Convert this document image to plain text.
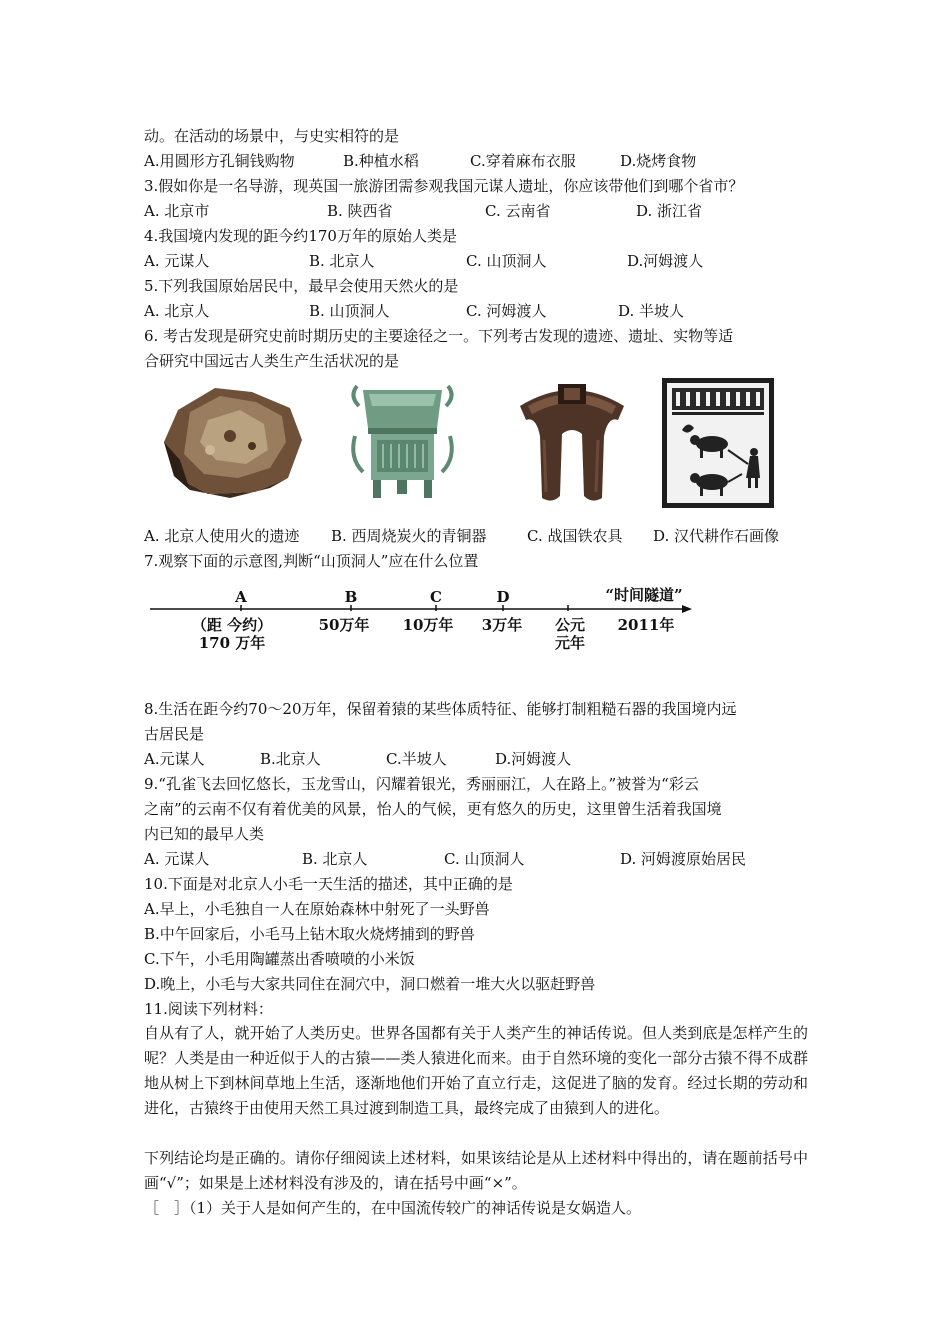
动。在活动的场景中，与史实相符的是
A.用圆形方孔铜钱购物	B.种植水稻	C.穿着麻布衣服	D.烧烤食物
3.假如你是一名导游，现英国一旅游团需参观我国元谋人遗址，你应该带他们到哪个省市？
A. 北京市	B. 陕西省	C. 云南省	D. 浙江省
4.我国境内发现的距今约170万年的原始人类是
A. 元谋人	B. 北京人	C. 山顶洞人	D.河姆渡人
5.下列我国原始居民中，最早会使用天然火的是
A. 北京人	B. 山顶洞人	C. 河姆渡人	D. 半坡人
6. 考古发现是研究史前时期历史的主要途径之一。下列考古发现的遗迹、遗址、实物等适
合研究中国远古人类生产生活状况的是
A. 北京人使用火的遗迹 B. 西周烧炭火的青铜器	C. 战国铁农具 D. 汉代耕作石画像
7.观察下面的示意图,判断“山顶洞人”应在什么位置
A	B	C	D	“时间隧道”
（距 今约）
170 万年
50万年 10万年 3万年 公元
元年
2011年
8.生活在距今约70～20万年，保留着猿的某些体质特征、能够打制粗糙石器的我国境内远
古居民是
A.元谋人	B.北京人	C.半坡人	D.河姆渡人
9.“孔雀飞去回忆悠长，玉龙雪山，闪耀着银光，秀丽丽江，人在路上。”被誉为“彩云
之南”的云南不仅有着优美的风景，怡人的气候，更有悠久的历史，这里曾生活着我国境
内已知的最早人类
A. 元谋人	B. 北京人	C. 山顶洞人	D. 河姆渡原始居民
10.下面是对北京人小毛一天生活的描述，其中正确的是
A.早上，小毛独自一人在原始森林中射死了一头野兽
B.中午回家后，小毛马上钻木取火烧烤捕到的野兽
C.下午，小毛用陶罐蒸出香喷喷的小米饭
D.晚上，小毛与大家共同住在洞穴中，洞口燃着一堆大火以驱赶野兽
11.阅读下列材料：
自从有了人，就开始了人类历史。世界各国都有关于人类产生的神话传说。但人类到底是怎样产生的呢？人类是由一种近似于人的古猿——类人猿进化而来。由于自然环境的变化一部分古猿不得不成群地从树上下到林间草地上生活，逐渐地他们开始了直立行走，这促进了脑的发育。经过长期的劳动和进化，古猿终于由使用天然工具过渡到制造工具，最终完成了由猿到人的进化。
下列结论均是正确的。请你仔细阅读上述材料，如果该结论是从上述材料中得出的，请在题前括号中画“√”；如果是上述材料没有涉及的，请在括号中画“×”。
［　］（1）关于人是如何产生的，在中国流传较广的神话传说是女娲造人。
